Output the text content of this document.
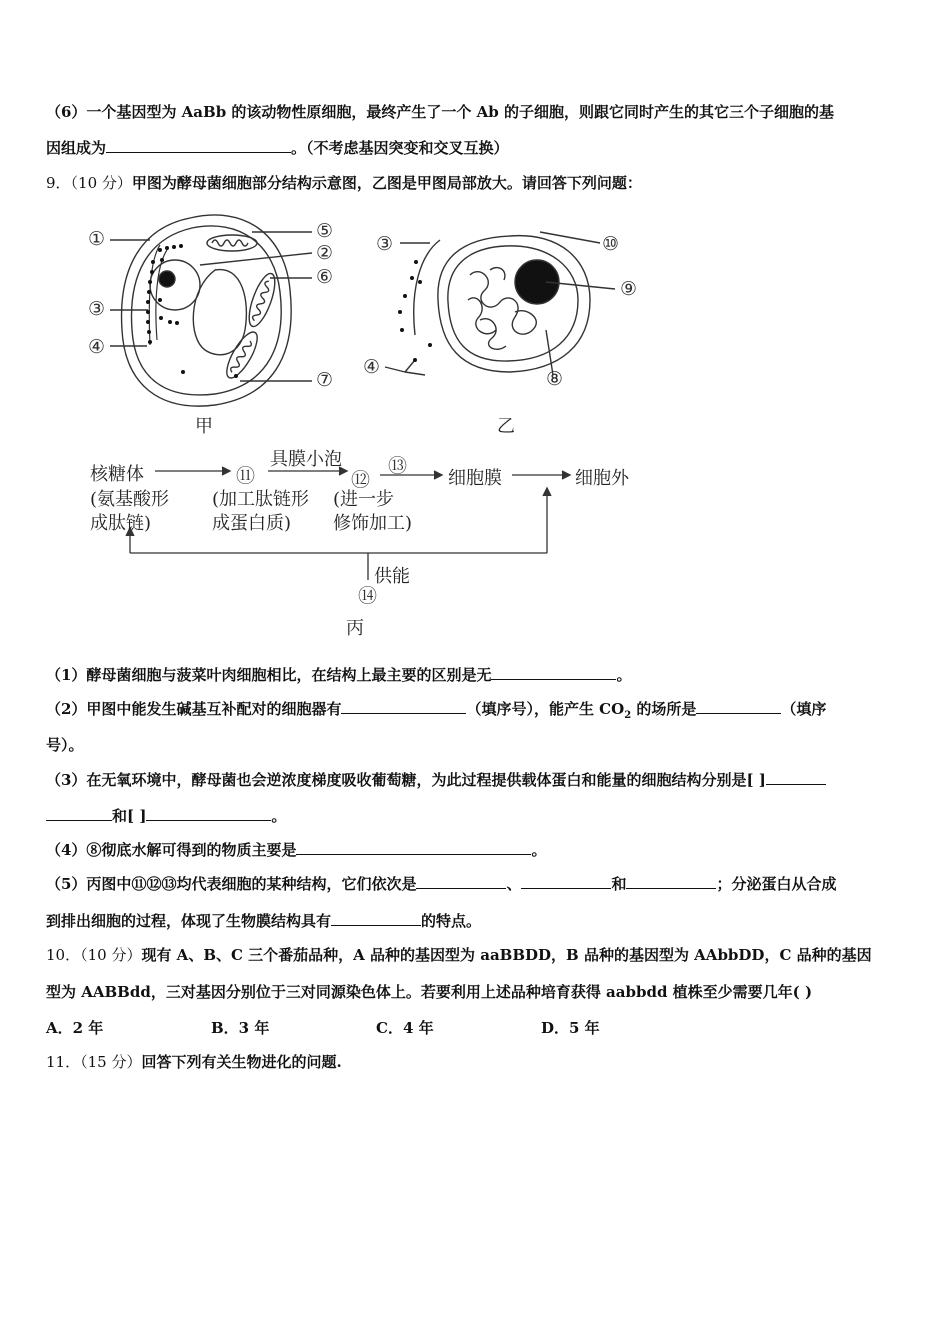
（6）一个基因型为 AaBb 的该动物性原细胞，最终产生了一个 Ab 的子细胞，则跟它同时产生的其它三个子细胞的基
因组成为	。（不考虑基因突变和交叉互换）
9．（10 分）甲图为酵母菌细胞部分结构示意图，乙图是甲图局部放大。请回答下列问题：
①	⑤
②
⑥
③
④
⑦
甲
③	⑩
⑨
④
⑧
乙
核糖体
(氨基酸形
成肽链)
⑪
具膜小泡
(加工肽链形
成蛋白质)
⑫
⑬
(进一步
修饰加工)
细胞膜	细胞外
供能
⑭
丙
（1）酵母菌细胞与菠菜叶肉细胞相比，在结构上最主要的区别是无	。
（2）甲图中能发生碱基互补配对的细胞器有	（填序号），能产生 $CO_2$ 的场所是	（填序
号）。
（3）在无氧环境中，酵母菌也会逆浓度梯度吸收葡萄糖，为此过程提供载体蛋白和能量的细胞结构分别是[ ]
和[ ]	。
（4）⑧彻底水解可得到的物质主要是	。
（5）丙图中⑪⑫⑬均代表细胞的某种结构，它们依次是	、	和	；分泌蛋白从合成
到排出细胞的过程，体现了生物膜结构具有	的特点。
10．（10 分）现有 A、B、C 三个番茄品种，A 品种的基因型为 aaBBDD，B 品种的基因型为 AAbbDD，C 品种的基因
型为 AABBdd，三对基因分别位于三对同源染色体上。若要利用上述品种培育获得 aabbdd 植株至少需要几年( )
A．2 年	B．3 年	C．4 年	D．5 年
11．（15 分）回答下列有关生物进化的问题.
